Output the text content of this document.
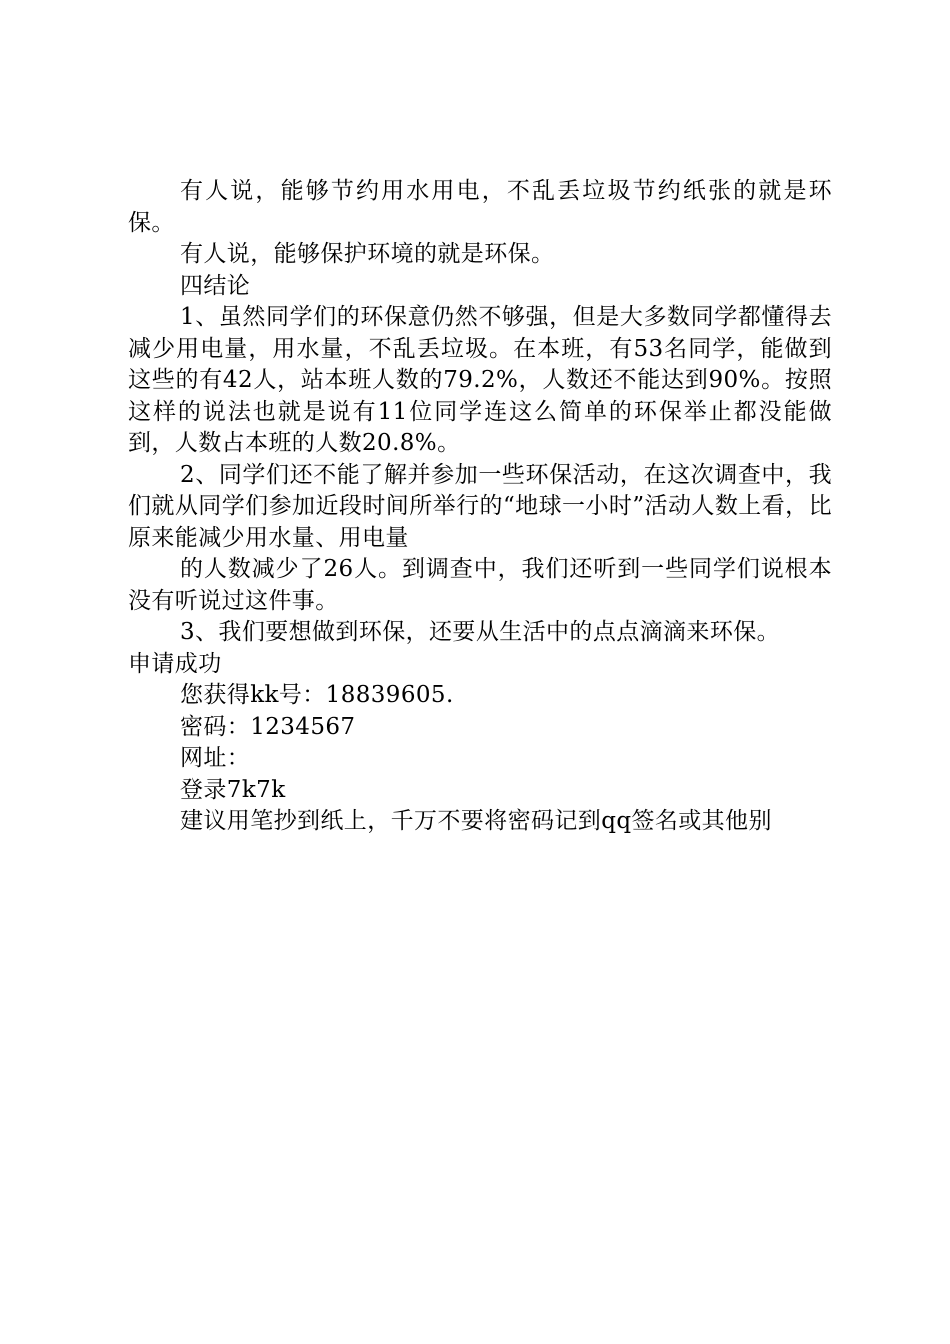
有人说，能够节约用水用电，不乱丢垃圾节约纸张的就是环保。

有人说，能够保护环境的就是环保。

四结论

1、虽然同学们的环保意仍然不够强，但是大多数同学都懂得去减少用电量，用水量，不乱丢垃圾。在本班，有53名同学，能做到这些的有42人，站本班人数的79.2%，人数还不能达到90%。按照这样的说法也就是说有11位同学连这么简单的环保举止都没能做到，人数占本班的人数20.8%。

2、同学们还不能了解并参加一些环保活动，在这次调查中，我们就从同学们参加近段时间所举行的“地球一小时”活动人数上看，比原来能减少用水量、用电量

的人数减少了26人。到调查中，我们还听到一些同学们说根本没有听说过这件事。

3、我们要想做到环保，还要从生活中的点点滴滴来环保。

申请成功

您获得kk号：18839605.

密码：1234567

网址：

登录7k7k

建议用笔抄到纸上，千万不要将密码记到qq签名或其他别
